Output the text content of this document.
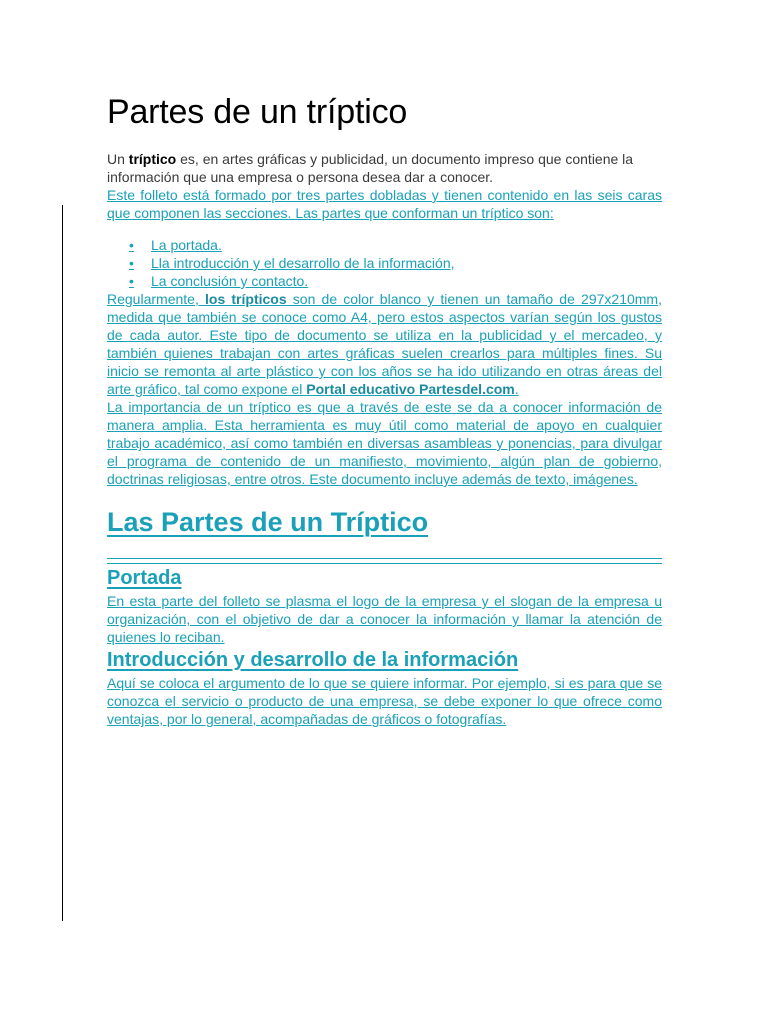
Partes de un tríptico

Un tríptico es, en artes gráficas y publicidad, un documento impreso que contiene la información que una empresa o persona desea dar a conocer.

Este folleto está formado por tres partes dobladas y tienen contenido en las seis caras que componen las secciones. Las partes que conforman un tríptico son:

•	La portada.
•	Lla introducción y el desarrollo de la información,
•	La conclusión y contacto.

Regularmente, los trípticos son de color blanco y tienen un tamaño de 297x210mm, medida que también se conoce como A4, pero estos aspectos varían según los gustos de cada autor. Este tipo de documento se utiliza en la publicidad y el mercadeo, y también quienes trabajan con artes gráficas suelen crearlos para múltiples fines. Su inicio se remonta al arte plástico y con los años se ha ido utilizando en otras áreas del arte gráfico, tal como expone el Portal educativo Partesdel.com.

La importancia de un tríptico es que a través de este se da a conocer información de manera amplia. Esta herramienta es muy útil como material de apoyo en cualquier trabajo académico, así como también en diversas asambleas y ponencias, para divulgar el programa de contenido de un manifiesto, movimiento, algún plan de gobierno, doctrinas religiosas, entre otros. Este documento incluye además de texto, imágenes.

Las Partes de un Tríptico
Portada

En esta parte del folleto se plasma el logo de la empresa y el slogan de la empresa u organización, con el objetivo de dar a conocer la información y llamar la atención de quienes lo reciban.

Introducción y desarrollo de la información

Aquí se coloca el argumento de lo que se quiere informar. Por ejemplo, si es para que se conozca el servicio o producto de una empresa, se debe exponer lo que ofrece como ventajas, por lo general, acompañadas de gráficos o fotografías.
